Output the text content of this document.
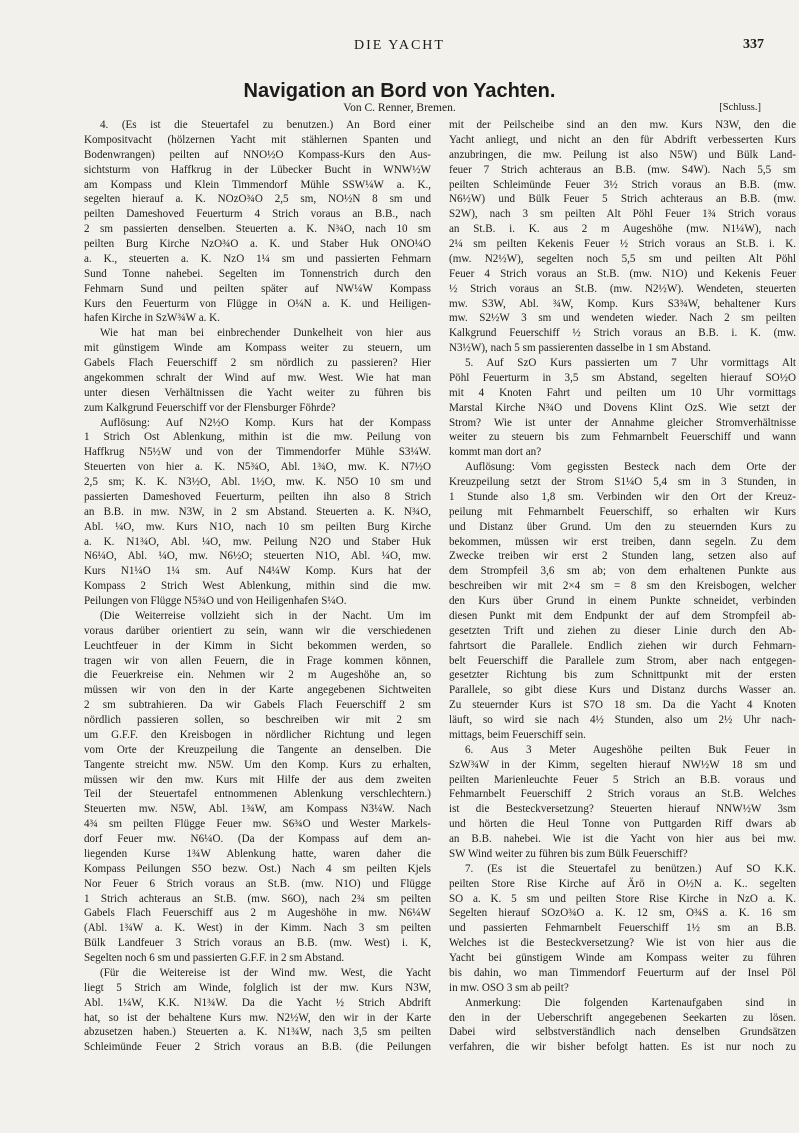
DIE YACHT	337
Navigation an Bord von Yachten.
Von C. Renner, Bremen.	[Schluss.]
4. (Es ist die Steuertafel zu benutzen.) An Bord einer
Kompositvacht (hölzernen Yacht mit stählernen Spanten und
Bodenwrangen) peilten auf NNO½O Kompass-Kurs den Aus-
sichtsturm von Haffkrug in der Lübecker Bucht in WNW½W
am Kompass und Klein Timmendorf Mühle SSW¼W a. K.,
segelten hierauf a. K. NOzO¾O 2,5 sm, NO½N 8 sm und
peilten Dameshoved Feuerturm 4 Strich voraus an B.B., nach
2 sm passierten denselben. Steuerten a. K. N¾O, nach 10 sm
peilten Burg Kirche NzO¾O a. K. und Staber Huk ONO¼O
a. K., steuerten a. K. NzO 1¼ sm und passierten Fehmarn
Sund Tonne nahebei. Segelten im Tonnenstrich durch den
Fehmarn Sund und peilten später auf NW¼W Kompass
Kurs den Feuerturm von Flügge in O¼N a. K. und Heiligen-
hafen Kirche in SzW¾W a. K.
Wie hat man bei einbrechender Dunkelheit von hier aus
mit günstigem Winde am Kompass weiter zu steuern, um
Gabels Flach Feuerschiff 2 sm nördlich zu passieren? Hier
angekommen schralt der Wind auf mw. West. Wie hat man
unter diesen Verhältnissen die Yacht weiter zu führen bis
zum Kalkgrund Feuerschiff vor der Flensburger Föhrde?
Auflösung: Auf N2½O Komp. Kurs hat der Kompass
1 Strich Ost Ablenkung, mithin ist die mw. Peilung von
Haffkrug N5½W und von der Timmendorfer Mühle S3¼W.
Steuerten von hier a. K. N5¾O, Abl. 1¾O, mw. K. N7½O
2,5 sm; K. K. N3½O, Abl. 1½O, mw. K. N5O 10 sm und
passierten Dameshoved Feuerturm, peilten ihn also 8 Strich
an B.B. in mw. N3W, in 2 sm Abstand. Steuerten a. K. N¾O,
Abl. ¼O, mw. Kurs N1O, nach 10 sm peilten Burg Kirche
a. K. N1¾O, Abl. ¼O, mw. Peilung N2O und Staber Huk
N6¼O, Abl. ¼O, mw. N6½O; steuerten N1O, Abl. ¼O, mw.
Kurs N1¼O 1¼ sm. Auf N4¼W Komp. Kurs hat der
Kompass 2 Strich West Ablenkung, mithin sind die mw.
Peilungen von Flügge N5¾O und von Heiligenhafen S¼O.
(Die Weiterreise vollzieht sich in der Nacht. Um im
voraus darüber orientiert zu sein, wann wir die verschiedenen
Leuchtfeuer in der Kimm in Sicht bekommen werden, so
tragen wir von allen Feuern, die in Frage kommen können,
die Feuerkreise ein. Nehmen wir 2 m Augeshöhe an, so
müssen wir von den in der Karte angegebenen Sichtweiten
2 sm subtrahieren. Da wir Gabels Flach Feuerschiff 2 sm
nördlich passieren sollen, so beschreiben wir mit 2 sm
um G.F.F. den Kreisbogen in nördlicher Richtung und legen
vom Orte der Kreuzpeilung die Tangente an denselben. Die
Tangente streicht mw. N5W. Um den Komp. Kurs zu erhalten,
müssen wir den mw. Kurs mit Hilfe der aus dem zweiten
Teil der Steuertafel entnommenen Ablenkung verschlechtern.)
Steuerten mw. N5W, Abl. 1¾W, am Kompass N3¼W. Nach
4¾ sm peilten Flügge Feuer mw. S6¾O und Wester Markels-
dorf Feuer mw. N6¼O. (Da der Kompass auf dem an-
liegenden Kurse 1¾W Ablenkung hatte, waren daher die
Kompass Peilungen S5O bezw. Ost.) Nach 4 sm peilten Kjels
Nor Feuer 6 Strich voraus an St.B. (mw. N1O) und Flügge
1 Strich achteraus an St.B. (mw. S6O), nach 2¾ sm peilten
Gabels Flach Feuerschiff aus 2 m Augeshöhe in mw. N6¼W
(Abl. 1¾W a. K. West) in der Kimm. Nach 3 sm peilten
Bülk Landfeuer 3 Strich voraus an B.B. (mw. West) i. K,
Segelten noch 6 sm und passierten G.F.F. in 2 sm Abstand.
(Für die Weitereise ist der Wind mw. West, die Yacht
liegt 5 Strich am Winde, folglich ist der mw. Kurs N3W,
Abl. 1¼W, K.K. N1¾W. Da die Yacht ½ Strich Abdrift
hat, so ist der behaltene Kurs mw. N2½W, den wir in der Karte
abzusetzen haben.) Steuerten a. K. N1¾W, nach 3,5 sm peilten
Schleimünde Feuer 2 Strich voraus an B.B. (die Peilungen
mit der Peilscheibe sind an den mw. Kurs N3W, den die
Yacht anliegt, und nicht an den für Abdrift verbesserten Kurs
anzubringen, die mw. Peilung ist also N5W) und Bülk Land-
feuer 7 Strich achteraus an B.B. (mw. S4W). Nach 5,5 sm
peilten Schleimünde Feuer 3½ Strich voraus an B.B. (mw.
N6½W) und Bülk Feuer 5 Strich achteraus an B.B. (mw.
S2W), nach 3 sm peilten Alt Pöhl Feuer 1¾ Strich voraus
an St.B. i. K. aus 2 m Augeshöhe (mw. N1¼W), nach
2¼ sm peilten Kekenis Feuer ½ Strich voraus an St.B. i. K.
(mw. N2½W), segelten noch 5,5 sm und peilten Alt Pöhl
Feuer 4 Strich voraus an St.B. (mw. N1O) und Kekenis Feuer
½ Strich voraus an St.B. (mw. N2½W). Wendeten, steuerten
mw. S3W, Abl. ¾W, Komp. Kurs S3¾W, behaltener Kurs
mw. S2½W 3 sm und wendeten wieder. Nach 2 sm peilten
Kalkgrund Feuerschiff ½ Strich voraus an B.B. i. K. (mw.
N3½W), nach 5 sm passierenten dasselbe in 1 sm Abstand.
5. Auf SzO Kurs passierten um 7 Uhr vormittags Alt
Pöhl Feuerturm in 3,5 sm Abstand, segelten hierauf SO½O
mit 4 Knoten Fahrt und peilten um 10 Uhr vormittags
Marstal Kirche N¾O und Dovens Klint OzS. Wie setzt der
Strom? Wie ist unter der Annahme gleicher Stromverhältnisse
weiter zu steuern bis zum Fehmarnbelt Feuerschiff und wann
kommt man dort an?
Auflösung: Vom gegissten Besteck nach dem Orte der
Kreuzpeilung setzt der Strom S1¼O 5,4 sm in 3 Stunden, in
1 Stunde also 1,8 sm. Verbinden wir den Ort der Kreuz-
peilung mit Fehmarnbelt Feuerschiff, so erhalten wir Kurs
und Distanz über Grund. Um den zu steuernden Kurs zu
bekommen, müssen wir erst treiben, dann segeln. Zu dem
Zwecke treiben wir erst 2 Stunden lang, setzen also auf
dem Strompfeil 3,6 sm ab; von dem erhaltenen Punkte aus
beschreiben wir mit 2×4 sm = 8 sm den Kreisbogen, welcher
den Kurs über Grund in einem Punkte schneidet, verbinden
diesen Punkt mit dem Endpunkt der auf dem Strompfeil ab-
gesetzten Trift und ziehen zu dieser Linie durch den Ab-
fahrtsort die Parallele. Endlich ziehen wir durch Fehmarn-
belt Feuerschiff die Parallele zum Strom, aber nach entgegen-
gesetzter Richtung bis zum Schnittpunkt mit der ersten
Parallele, so gibt diese Kurs und Distanz durchs Wasser an.
Zu steuernder Kurs ist S7O 18 sm. Da die Yacht 4 Knoten
läuft, so wird sie nach 4½ Stunden, also um 2½ Uhr nach-
mittags, beim Feuerschiff sein.
6. Aus 3 Meter Augeshöhe peilten Buk Feuer in
SzW¾W in der Kimm, segelten hierauf NW½W 18 sm und
peilten Marienleuchte Feuer 5 Strich an B.B. voraus und
Fehmarnbelt Feuerschiff 2 Strich voraus an St.B. Welches
ist die Besteckversetzung? Steuerten hierauf NNW½W 3sm
und hörten die Heul Tonne von Puttgarden Riff dwars ab
an B.B. nahebei. Wie ist die Yacht von hier aus bei mw.
SW Wind weiter zu führen bis zum Bülk Feuerschiff?
7. (Es ist die Steuertafel zu benützen.) Auf SO K.K.
peilten Store Rise Kirche auf Ärö in O½N a. K.. segelten
SO a. K. 5 sm und peilten Store Rise Kirche in NzO a. K.
Segelten hierauf SOzO¾O a. K. 12 sm, O¾S a. K. 16 sm
und passierten Fehmarnbelt Feuerschiff 1½ sm an B.B.
Welches ist die Besteckversetzung? Wie ist von hier aus die
Yacht bei günstigem Winde am Kompass weiter zu führen
bis dahin, wo man Timmendorf Feuerturm auf der Insel Pöl
in mw. OSO 3 sm ab peilt?
Anmerkung: Die folgenden Kartenaufgaben sind in
den in der Ueberschrift angegebenen Seekarten zu lösen.
Dabei wird selbstverständlich nach denselben Grundsätzen
verfahren, die wir bisher befolgt hatten. Es ist nur noch zu
